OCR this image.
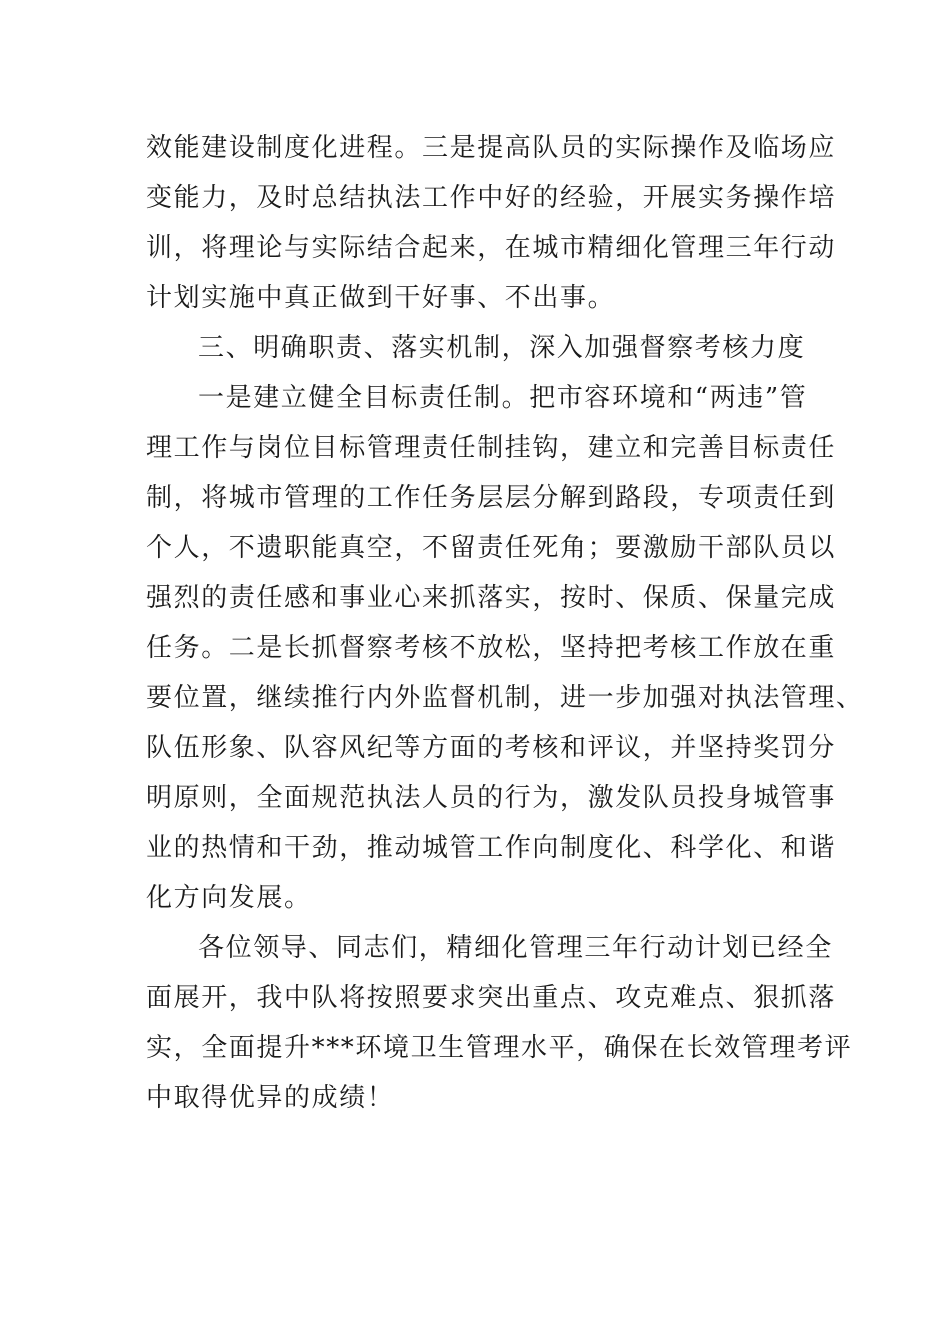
效能建设制度化进程。三是提高队员的实际操作及临场应
变能力，及时总结执法工作中好的经验，开展实务操作培
训，将理论与实际结合起来，在城市精细化管理三年行动
计划实施中真正做到干好事、不出事。
三、明确职责、落实机制，深入加强督察考核力度
一是建立健全目标责任制。把市容环境和“两违”管
理工作与岗位目标管理责任制挂钩，建立和完善目标责任
制，将城市管理的工作任务层层分解到路段，专项责任到
个人，不遗职能真空，不留责任死角；要激励干部队员以
强烈的责任感和事业心来抓落实，按时、保质、保量完成
任务。二是长抓督察考核不放松，坚持把考核工作放在重
要位置，继续推行内外监督机制，进一步加强对执法管理、
队伍形象、队容风纪等方面的考核和评议，并坚持奖罚分
明原则，全面规范执法人员的行为，激发队员投身城管事
业的热情和干劲，推动城管工作向制度化、科学化、和谐
化方向发展。
各位领导、同志们，精细化管理三年行动计划已经全
面展开，我中队将按照要求突出重点、攻克难点、狠抓落
实，全面提升***环境卫生管理水平，确保在长效管理考评
中取得优异的成绩！
